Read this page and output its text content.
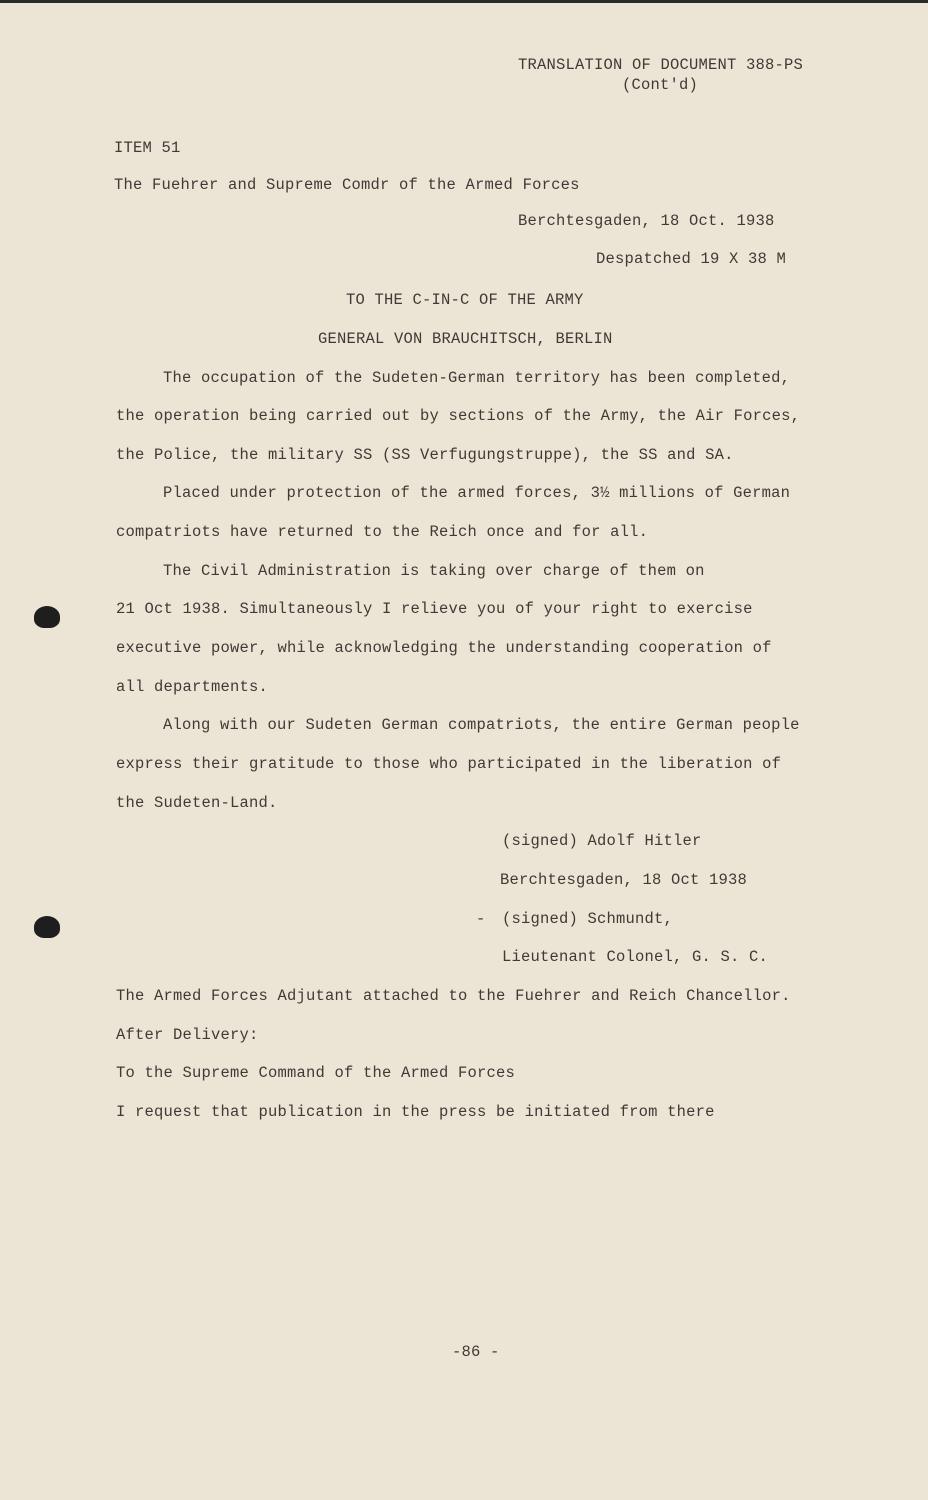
TRANSLATION OF DOCUMENT 388-PS
(Cont'd)
ITEM 51
The Fuehrer and Supreme Comdr of the Armed Forces
Berchtesgaden, 18 Oct. 1938
Despatched 19 X 38 M
TO THE C-IN-C OF THE ARMY
GENERAL VON BRAUCHITSCH, BERLIN
The occupation of the Sudeten-German territory has been completed,
the operation being carried out by sections of the Army, the Air Forces,
the Police, the military SS (SS Verfugungstruppe), the SS and SA.
Placed under protection of the armed forces, 3½ millions of German
compatriots have returned to the Reich once and for all.
The Civil Administration is taking over charge of them on
21 Oct 1938. Simultaneously I relieve you of your right to exercise
executive power, while acknowledging the understanding cooperation of
all departments.
Along with our Sudeten German compatriots, the entire German people
express their gratitude to those who participated in the liberation of
the Sudeten-Land.
(signed) Adolf Hitler
Berchtesgaden, 18 Oct 1938
- (signed) Schmundt,
Lieutenant Colonel, G. S. C.
The Armed Forces Adjutant attached to the Fuehrer and Reich Chancellor.
After Delivery:
To the Supreme Command of the Armed Forces
I request that publication in the press be initiated from there
-86 -
